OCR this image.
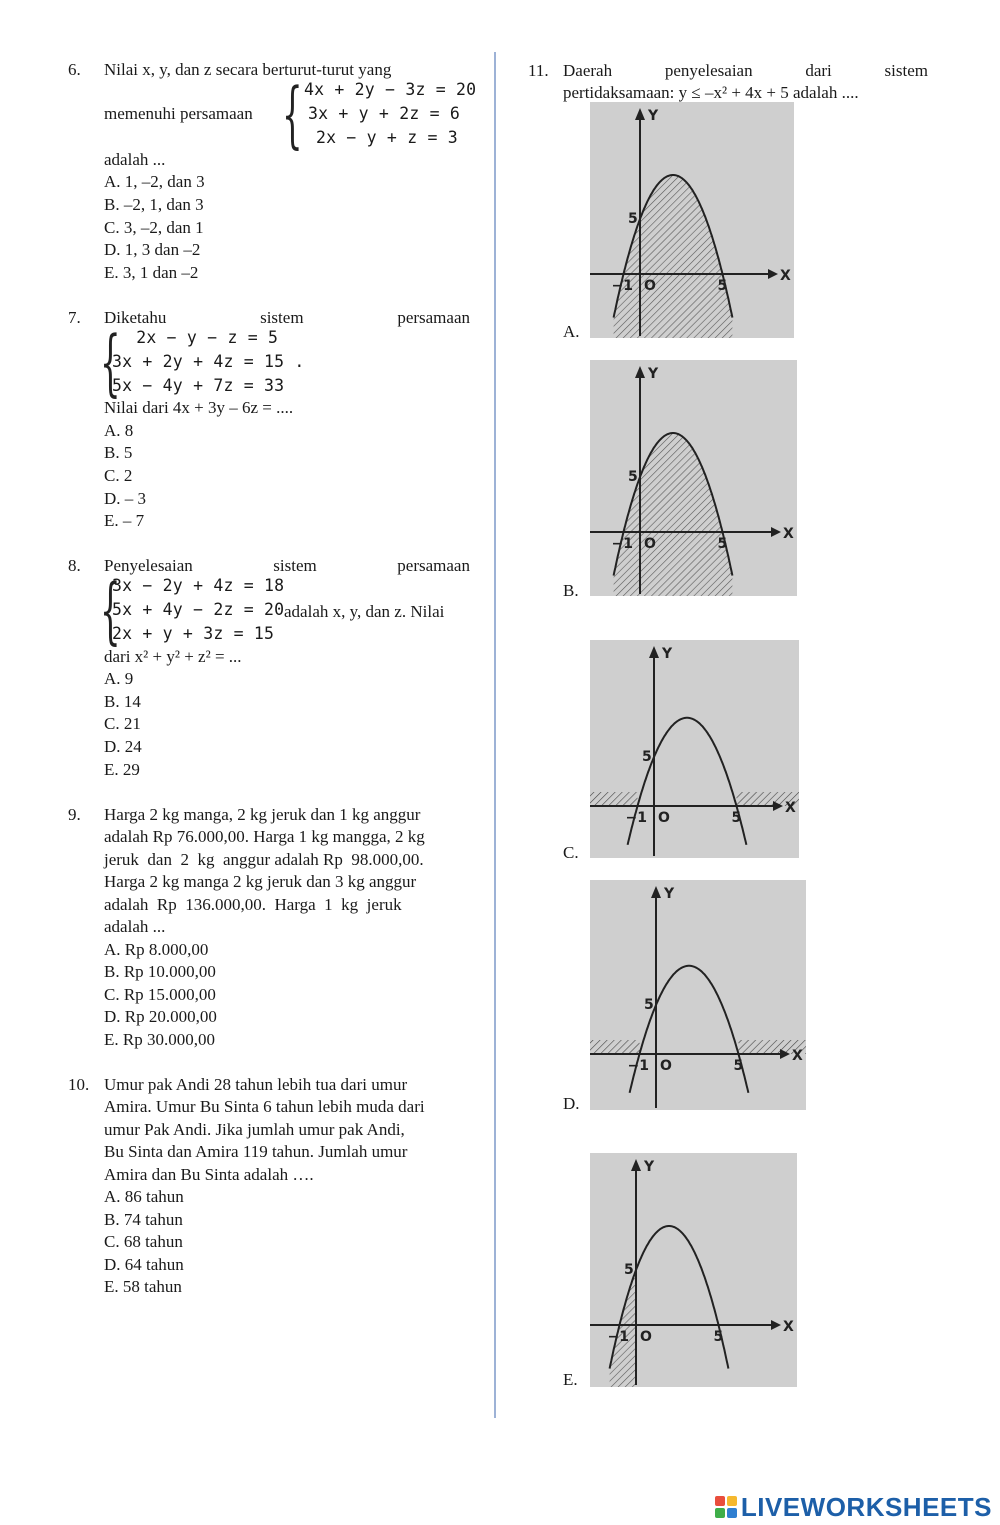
6. Nilai x, y, dan z secara berturut-turut yang
memenuhi persamaan { 4x + 2y − 3z = 20
3x + y + 2z = 6
2x − y + z = 3
adalah ...
A. 1, –2, dan 3
B. –2, 1, dan 3
C. 3, –2, dan 1
D. 1, 3 dan –2
E. 3, 1 dan –2
7. Diketahu	sistem	persamaan
{
2x − y − z = 5
3x + 2y + 4z = 15 .
5x − 4y + 7z = 33
Nilai dari 4x + 3y – 6z = ....
A. 8
B. 5
C. 2
D. – 3
E. – 7
8. Penyelesaian	sistem	persamaan
{
3x − 2y + 4z = 18
5x + 4y − 2z = 20 adalah x, y, dan z. Nilai
2x + y + 3z = 15
dari x² + y² + z² = ...
A. 9
B. 14
C. 21
D. 24
E. 29
9. Harga 2 kg manga, 2 kg jeruk dan 1 kg anggur
adalah Rp 76.000,00. Harga 1 kg mangga, 2 kg
jeruk  dan  2  kg  anggur adalah Rp  98.000,00.
Harga 2 kg manga 2 kg jeruk dan 3 kg anggur
adalah  Rp  136.000,00.  Harga  1  kg  jeruk
adalah ...
A. Rp 8.000,00
B. Rp 10.000,00
C. Rp 15.000,00
D. Rp 20.000,00
E. Rp 30.000,00
10. Umur pak Andi 28 tahun lebih tua dari umur
Amira. Umur Bu Sinta 6 tahun lebih muda dari
umur Pak Andi. Jika jumlah umur pak Andi,
Bu Sinta dan Amira 119 tahun. Jumlah umur
Amira dan Bu Sinta adalah ….
A. 86 tahun
B. 74 tahun
C. 68 tahun
D. 64 tahun
E. 58 tahun
11. Daerah	penyelesaian	dari	sistem
pertidaksamaan: y ≤ –x² + 4x + 5 adalah ....
A.
B.
C.
D.
E.
Y
X
5
−1 O	5
Y
X
5
−1 O	5
Y
X
5
−1 O	5
Y
X
5
−1 O	5
Y
X
5
−1 O	5
LIVEWORKSHEETS
